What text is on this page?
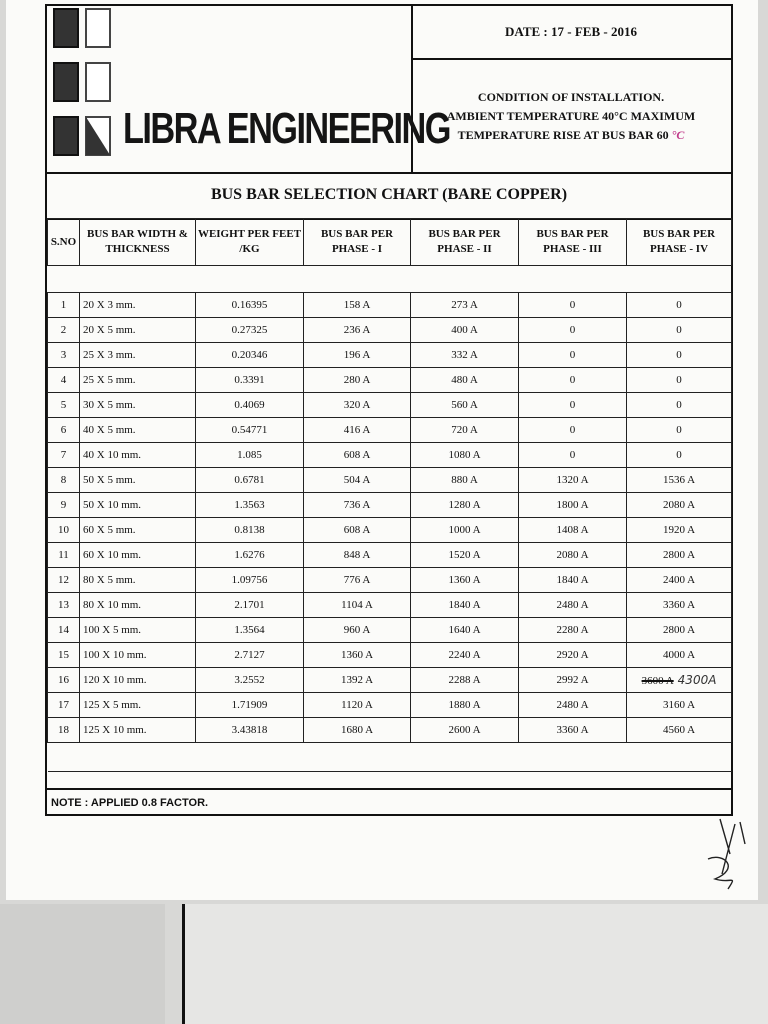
LIBRA ENGINEERING
DATE : 17 - FEB - 2016
CONDITION OF INSTALLATION.
AMBIENT TEMPERATURE 40°C MAXIMUM
TEMPERATURE RISE AT BUS BAR 60 °C
BUS BAR SELECTION CHART (BARE COPPER)
S.NO	BUS BAR WIDTH & THICKNESS	WEIGHT PER FEET /KG	BUS BAR PER PHASE - I	BUS BAR PER PHASE - II	BUS BAR PER PHASE - III	BUS BAR PER PHASE - IV

1	20 X 3 mm.	0.16395	158 A	273 A	0	0
2	20 X 5 mm.	0.27325	236 A	400 A	0	0
3	25 X 3 mm.	0.20346	196 A	332 A	0	0
4	25 X 5 mm.	0.3391	280 A	480 A	0	0
5	30 X 5 mm.	0.4069	320 A	560 A	0	0
6	40 X 5 mm.	0.54771	416 A	720 A	0	0
7	40 X 10 mm.	1.085	608 A	1080 A	0	0
8	50 X 5 mm.	0.6781	504 A	880 A	1320 A	1536 A
9	50 X 10 mm.	1.3563	736 A	1280 A	1800 A	2080 A
10	60 X 5 mm.	0.8138	608 A	1000 A	1408 A	1920 A
11	60 X 10 mm.	1.6276	848 A	1520 A	2080 A	2800 A
12	80 X 5 mm.	1.09756	776 A	1360 A	1840 A	2400 A
13	80 X 10 mm.	2.1701	1104 A	1840 A	2480 A	3360 A
14	100 X 5 mm.	1.3564	960 A	1640 A	2280 A	2800 A
15	100 X 10 mm.	2.7127	1360 A	2240 A	2920 A	4000 A
16	120 X 10 mm.	3.2552	1392 A	2288 A	2992 A	3600 A 4300A
17	125 X 5 mm.	1.71909	1120 A	1880 A	2480 A	3160 A
18	125 X 10 mm.	3.43818	1680 A	2600 A	3360 A	4560 A

NOTE : APPLIED 0.8 FACTOR.
